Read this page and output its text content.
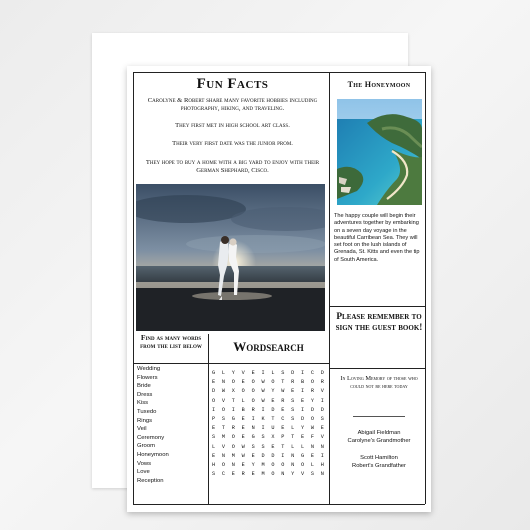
Fun Facts
Carolyne & Robert share many favorite hobbies including photography, hiking, and traveling.
They first met in high school art class.
Their very first date was the junior prom.
They hope to buy a home with a big yard to enjoy with their German Shephard, Cisco.
The Honeymoon
The happy couple will begin their adventures together by embarking on a seven day voyage in the beautiful Carribean Sea. They will set foot on the lush islands of Grenada, St. Kitts and even the tip of South America.
Find as many words from the list below	Wordsearch
Wedding
Flowers
Bride
Dress
Kiss
Tuxedo
Rings
Veil
Ceremony
Groom
Honeymoon
Vows
Love
Reception
G L Y V E I L S D I C D
E N O E O W O T R B O R
D W X O O W Y W E I R V
O V T L O W E R S E Y I
I O I B R I D E S I D D
P S G E I K T C S D O S
E T R E N I U E L Y W E
S M O E G S X P T E F V
L V O W S S E T L L N N
E N M W E D D I N G E I
H O N E Y M O O N O L H
S C E R E M O N Y V S N
Please remember to sign the guest book!
In Loving Memory of those who could not be here today
Abigail Fieldman
Carolyne's Grandmother
Scott Hamilton
Robert's Grandfather
